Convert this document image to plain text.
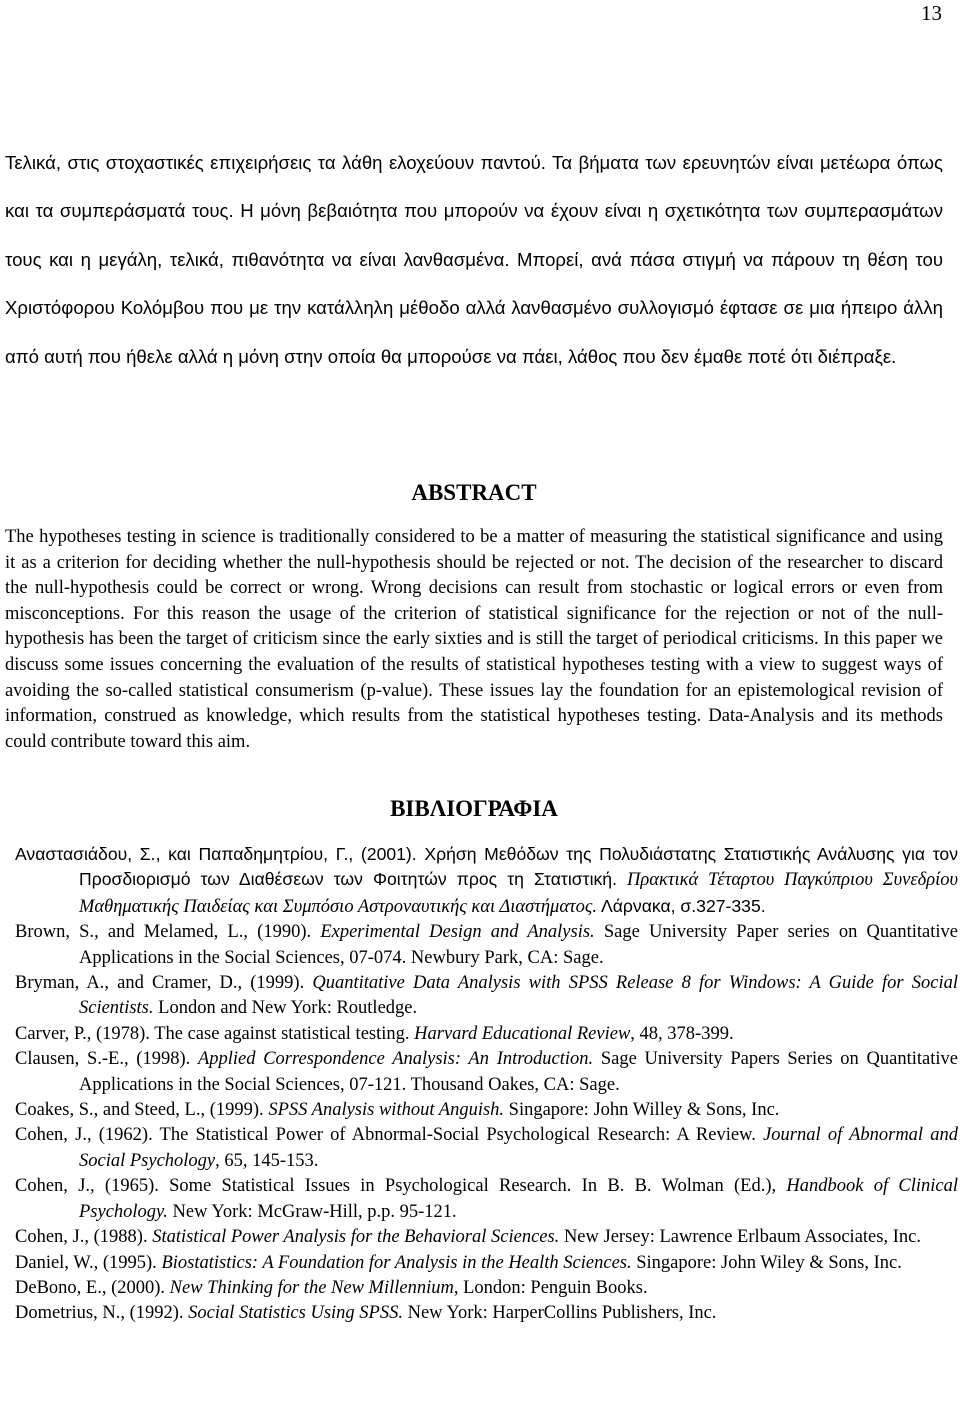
13

Τελικά, στις στοχαστικές επιχειρήσεις τα λάθη ελοχεύουν παντού. Τα βήματα των ερευνητών είναι μετέωρα όπως και τα συμπεράσματά τους. Η μόνη βεβαιότητα που μπορούν να έχουν είναι η σχετικότητα των συμπερασμάτων τους και η μεγάλη, τελικά, πιθανότητα να είναι λανθασμένα. Μπορεί, ανά πάσα στιγμή να πάρουν τη θέση του Χριστόφορου Κολόμβου που με την κατάλληλη μέθοδο αλλά λανθασμένο συλλογισμό έφτασε σε μια ήπειρο άλλη από αυτή που ήθελε αλλά η μόνη στην οποία θα μπορούσε να πάει, λάθος που δεν έμαθε ποτέ ότι διέπραξε.

ABSTRACT

The hypotheses testing in science is traditionally considered to be a matter of measuring the statistical significance and using it as a criterion for deciding whether the null-hypothesis should be rejected or not. The decision of the researcher to discard the null-hypothesis could be correct or wrong. Wrong decisions can result from stochastic or logical errors or even from misconceptions. For this reason the usage of the criterion of statistical significance for the rejection or not of the null-hypothesis has been the target of criticism since the early sixties and is still the target of periodical criticisms. In this paper we discuss some issues concerning the evaluation of the results of statistical hypotheses testing with a view to suggest ways of avoiding the so-called statistical consumerism (p-value). These issues lay the foundation for an epistemological revision of information, construed as knowledge, which results from the statistical hypotheses testing. Data-Analysis and its methods could contribute toward this aim.

ΒΙΒΛΙΟΓΡΑΦΙΑ
Αναστασιάδου, Σ., και Παπαδημητρίου, Γ., (2001). Χρήση Μεθόδων της Πολυδιάστατης Στατιστικής Ανάλυσης για τον Προσδιορισμό των Διαθέσεων των Φοιτητών προς τη Στατιστική. Πρακτικά Τέταρτου Παγκύπριου Συνεδρίου Μαθηματικής Παιδείας και Συμπόσιο Αστροναυτικής και Διαστήματος. Λάρνακα, σ.327-335.
Brown, S., and Melamed, L., (1990). Experimental Design and Analysis. Sage University Paper series on Quantitative Applications in the Social Sciences, 07-074. Newbury Park, CA: Sage.
Bryman, A., and Cramer, D., (1999). Quantitative Data Analysis with SPSS Release 8 for Windows: A Guide for Social Scientists. London and New York: Routledge.
Carver, P., (1978). The case against statistical testing. Harvard Educational Review, 48, 378-399.
Clausen, S.-E., (1998). Applied Correspondence Analysis: An Introduction. Sage University Papers Series on Quantitative Applications in the Social Sciences, 07-121. Thousand Oakes, CA: Sage.
Coakes, S., and Steed, L., (1999). SPSS Analysis without Anguish. Singapore: John Willey & Sons, Inc.
Cohen, J., (1962). The Statistical Power of Abnormal-Social Psychological Research: A Review. Journal of Abnormal and Social Psychology, 65, 145-153.
Cohen, J., (1965). Some Statistical Issues in Psychological Research. In B. B. Wolman (Ed.), Handbook of Clinical Psychology. New York: McGraw-Hill, p.p. 95-121.
Cohen, J., (1988). Statistical Power Analysis for the Behavioral Sciences. New Jersey: Lawrence Erlbaum Associates, Inc.
Daniel, W., (1995). Biostatistics: A Foundation for Analysis in the Health Sciences. Singapore: John Wiley & Sons, Inc.
DeBono, E., (2000). New Thinking for the New Millennium, London: Penguin Books.
Dometrius, N., (1992). Social Statistics Using SPSS. New York: HarperCollins Publishers, Inc.
